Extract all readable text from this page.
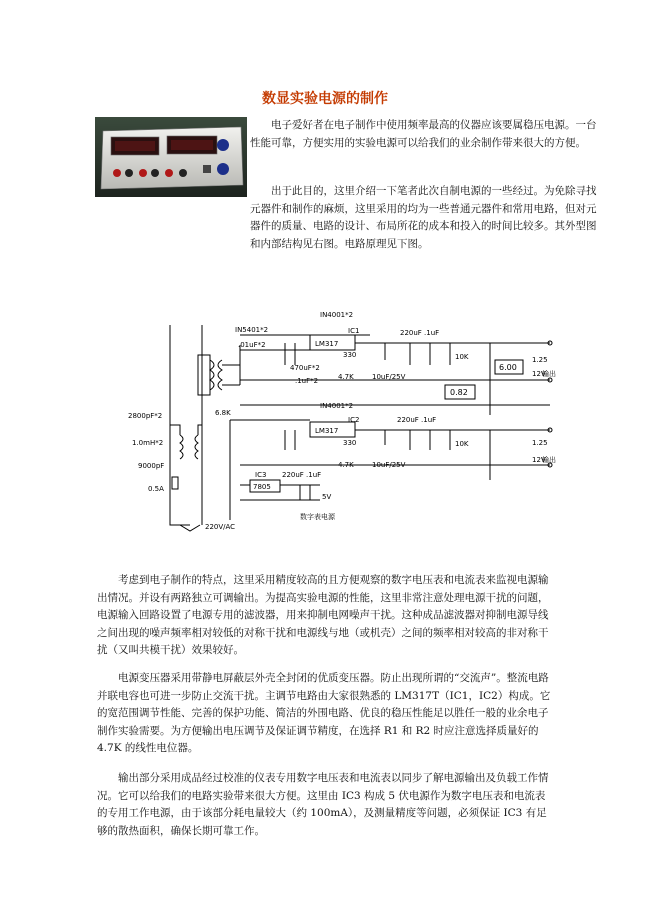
数显实验电源的制作

电子爱好者在电子制作中使用频率最高的仪器应该要属稳压电源。一台性能可靠，方便实用的实验电源可以给我们的业余制作带来很大的方便。

出于此目的，这里介绍一下笔者此次自制电源的一些经过。为免除寻找元器件和制作的麻烦，这里采用的均为一些普通元器件和常用电路，但对元器件的质量、电路的设计、布局所花的成本和投入的时间比较多。其外型图和内部结构见右图。电路原理见下图。

IN4001*2
IC1
LM317
220uF .1uF
IN5401*2
.01uF*2
330	10K	1.25
12V
输出
470uF*2
.1uF*2	4.7K	10uF/25V
2800pF*2	6.8K
IN4001*2
IC2
LM317
220uF .1uF
1.0mH*2	330	10K	1.25
12V
输出
9000pF	4.7K	10uF/25V
IC3 220uF .1uF
7805
0.5A
5V
220V/AC
数字表电源
6.00
0.82

考虑到电子制作的特点，这里采用精度较高的且方便观察的数字电压表和电流表来监视电源输出情况。并设有两路独立可调输出。为提高实验电源的性能，这里非常注意处理电源干扰的问题，电源输入回路设置了电源专用的滤波器，用来抑制电网噪声干扰。这种成品滤波器对抑制电源导线之间出现的噪声频率相对较低的对称干扰和电源线与地（或机壳）之间的频率相对较高的非对称干扰（又叫共模干扰）效果较好。

电源变压器采用带静电屏蔽层外壳全封闭的优质变压器。防止出现所谓的“交流声”。整流电路并联电容也可进一步防止交流干扰。主调节电路由大家很熟悉的 LM317T（IC1，IC2）构成。它的宽范围调节性能、完善的保护功能、简洁的外围电路、优良的稳压性能足以胜任一般的业余电子制作实验需要。为方便输出电压调节及保证调节精度，在选择 R1 和 R2 时应注意选择质量好的 4.7K 的线性电位器。

输出部分采用成品经过校准的仪表专用数字电压表和电流表以同步了解电源输出及负载工作情况。它可以给我们的电路实验带来很大方便。这里由 IC3 构成 5 伏电源作为数字电压表和电流表的专用工作电源，由于该部分耗电量较大（约 100mA），及测量精度等问题，必须保证 IC3 有足够的散热面积，确保长期可靠工作。
